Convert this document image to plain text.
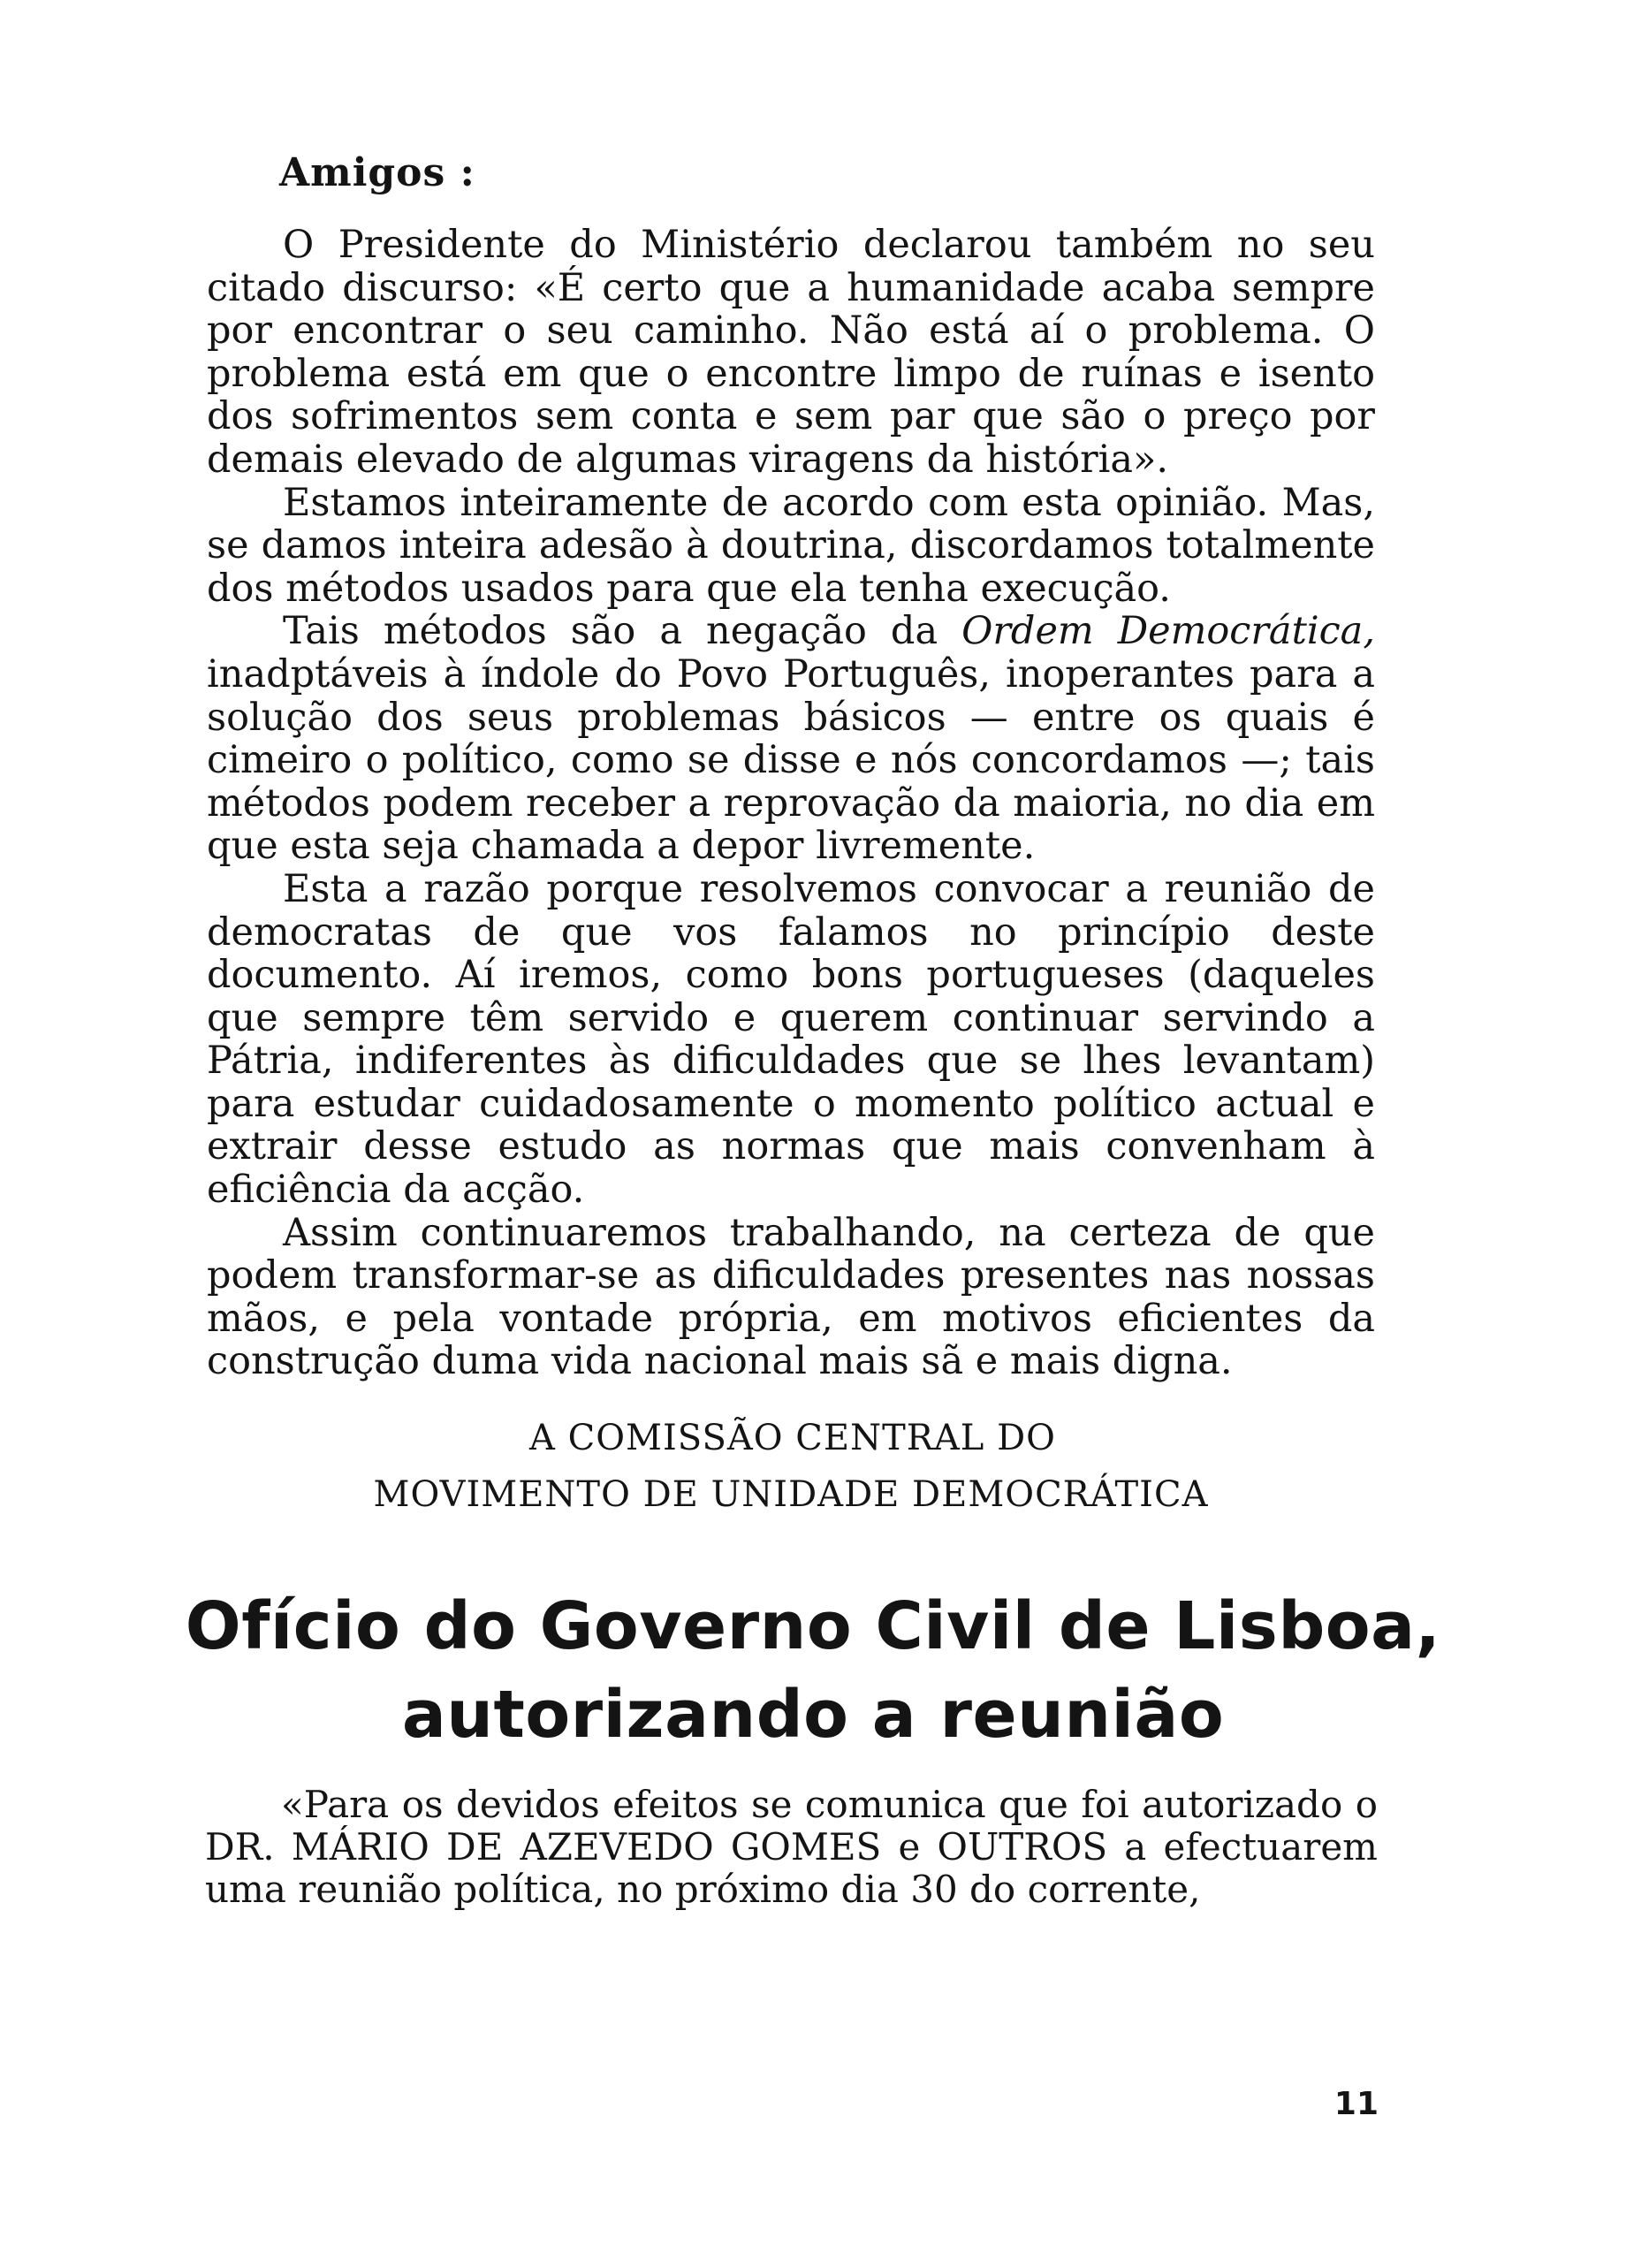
Amigos :

O Presidente do Ministério declarou também no seu citado discurso: «É certo que a humanidade acaba sempre por encontrar o seu caminho. Não está aí o problema. O problema está em que o encontre limpo de ruínas e isento dos sofrimentos sem conta e sem par que são o preço por demais elevado de algumas viragens da história».

Estamos inteiramente de acordo com esta opinião. Mas, se damos inteira adesão à doutrina, discordamos totalmente dos métodos usados para que ela tenha execução.

Tais métodos são a negação da Ordem Democrática, inadptáveis à índole do Povo Português, inoperantes para a solução dos seus problemas básicos — entre os quais é cimeiro o político, como se disse e nós concordamos —; tais métodos podem receber a reprovação da maioria, no dia em que esta seja chamada a depor livremente.

Esta a razão porque resolvemos convocar a reunião de democratas de que vos falamos no princípio deste documento. Aí iremos, como bons portugueses (daqueles que sempre têm servido e querem continuar servindo a Pátria, indiferentes às dificuldades que se lhes levantam) para estudar cuidadosamente o momento político actual e extrair desse estudo as normas que mais convenham à eficiência da acção.

Assim continuaremos trabalhando, na certeza de que podem transformar-se as dificuldades presentes nas nossas mãos, e pela vontade própria, em motivos eficientes da construção duma vida nacional mais sã e mais digna.

A COMISSÃO CENTRAL DO
MOVIMENTO DE UNIDADE DEMOCRÁTICA
Ofício do Governo Civil de Lisboa,
autorizando a reunião

«Para os devidos efeitos se comunica que foi autorizado o DR. MÁRIO DE AZEVEDO GOMES e OUTROS a efectuarem uma reunião política, no próximo dia 30 do corrente,

11
